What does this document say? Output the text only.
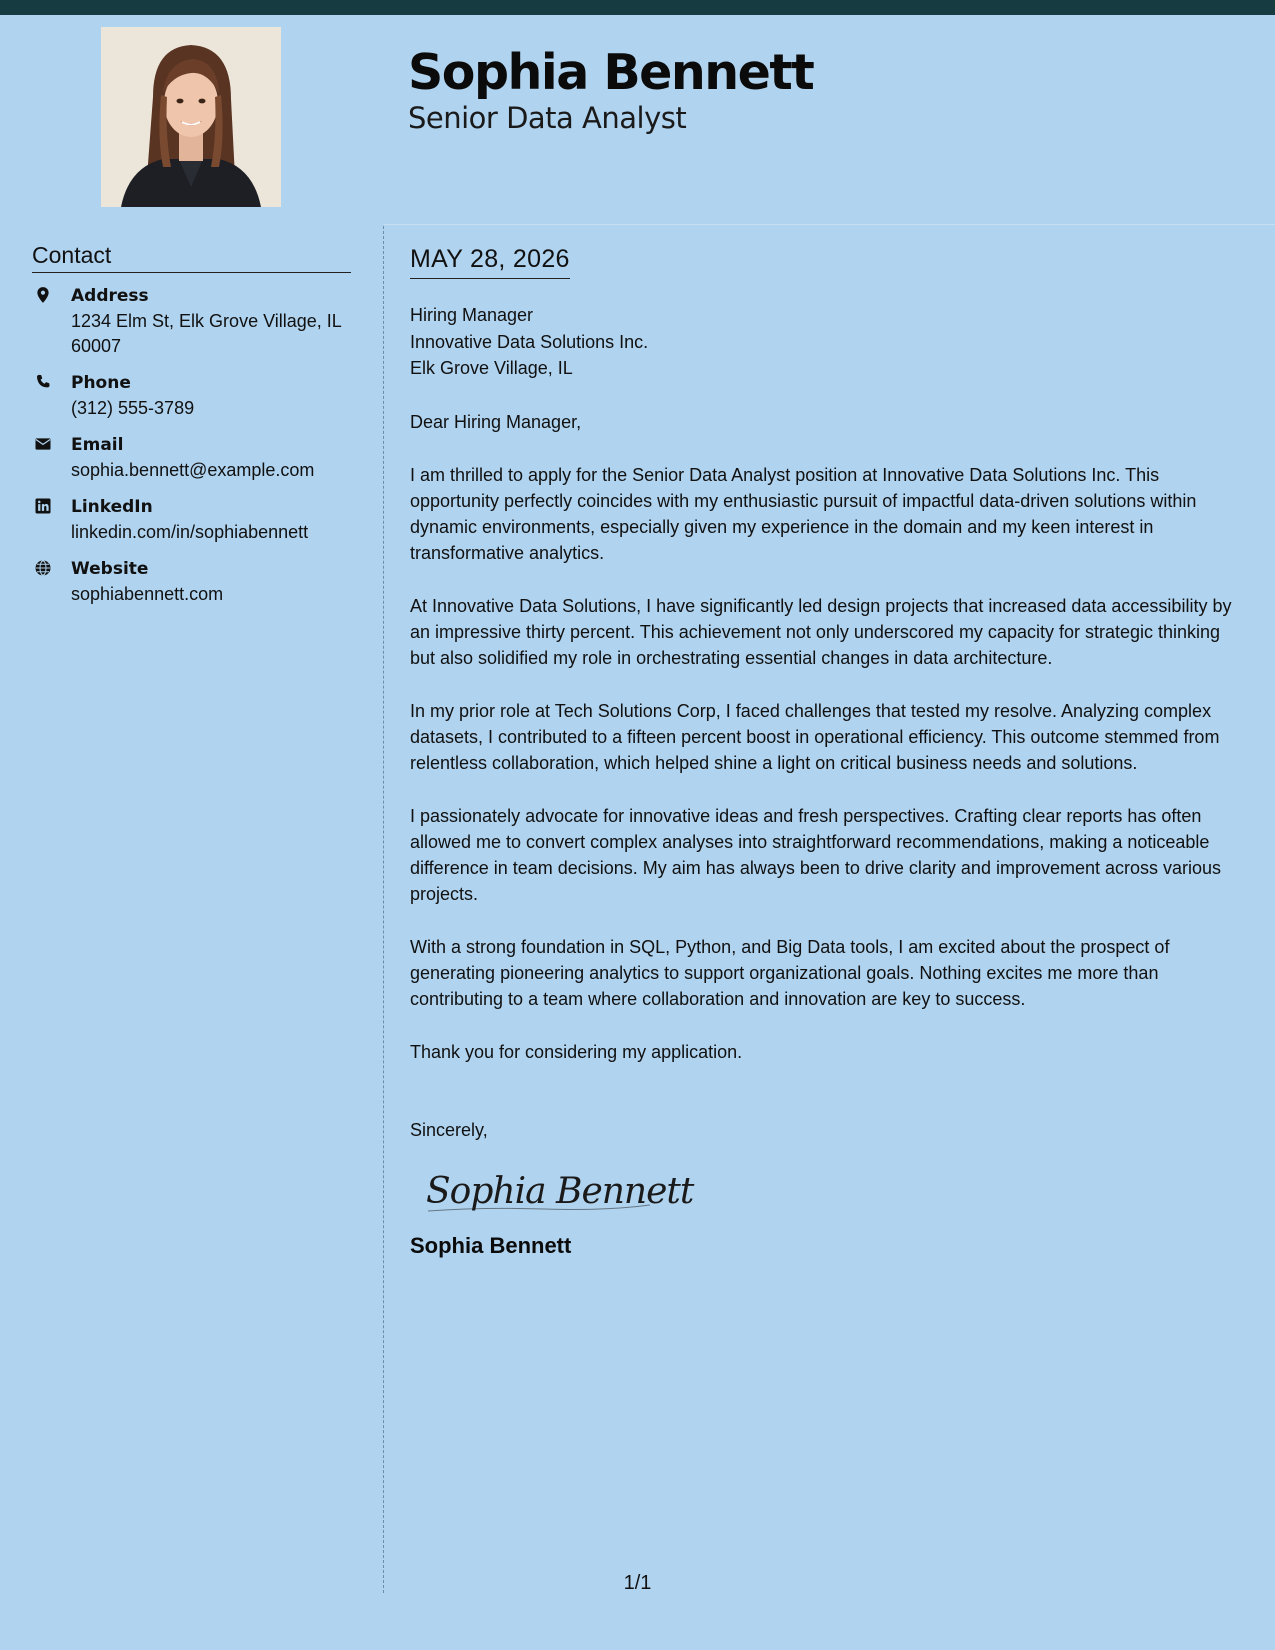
Sophia Bennett
Senior Data Analyst
Contact
Address
1234 Elm St, Elk Grove Village, IL 60007
Phone
(312) 555-3789
Email
sophia.bennett@example.com
LinkedIn
linkedin.com/in/sophiabennett
Website
sophiabennett.com
MAY 28, 2026
Hiring Manager
Innovative Data Solutions Inc.
Elk Grove Village, IL

Dear Hiring Manager,

I am thrilled to apply for the Senior Data Analyst position at Innovative Data Solutions Inc. This opportunity perfectly coincides with my enthusiastic pursuit of impactful data-driven solutions within dynamic environments, especially given my experience in the domain and my keen interest in transformative analytics.

At Innovative Data Solutions, I have significantly led design projects that increased data accessibility by an impressive thirty percent. This achievement not only underscored my capacity for strategic thinking but also solidified my role in orchestrating essential changes in data architecture.

In my prior role at Tech Solutions Corp, I faced challenges that tested my resolve. Analyzing complex datasets, I contributed to a fifteen percent boost in operational efficiency. This outcome stemmed from relentless collaboration, which helped shine a light on critical business needs and solutions.

I passionately advocate for innovative ideas and fresh perspectives. Crafting clear reports has often allowed me to convert complex analyses into straightforward recommendations, making a noticeable difference in team decisions. My aim has always been to drive clarity and improvement across various projects.

With a strong foundation in SQL, Python, and Big Data tools, I am excited about the prospect of generating pioneering analytics to support organizational goals. Nothing excites me more than contributing to a team where collaboration and innovation are key to success.

Thank you for considering my application.

Sincerely,
Sophia Bennett
Sophia Bennett
1/1
